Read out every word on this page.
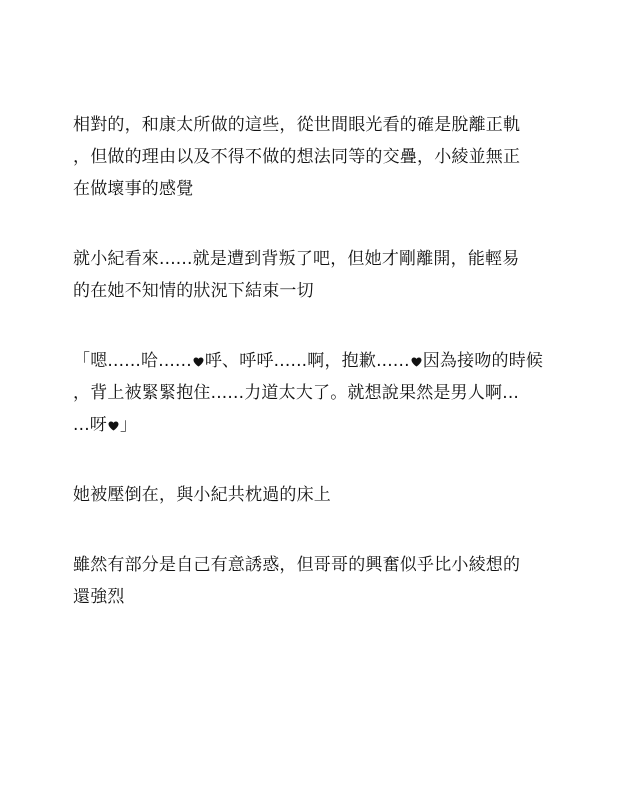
相對的，和康太所做的這些，從世間眼光看的確是脫離正軌
，但做的理由以及不得不做的想法同等的交疊，小綾並無正
在做壞事的感覺
就小紀看來......就是遭到背叛了吧，但她才剛離開，能輕易
的在她不知情的狀況下結束一切
「嗯......哈...... 呼、呼呼......啊，抱歉...... 因為接吻的時候
，背上被緊緊抱住......力道太大了。就想說果然是男人啊...
...呀 」
她被壓倒在，與小紀共枕過的床上
雖然有部分是自己有意誘惑，但哥哥的興奮似乎比小綾想的
還強烈
